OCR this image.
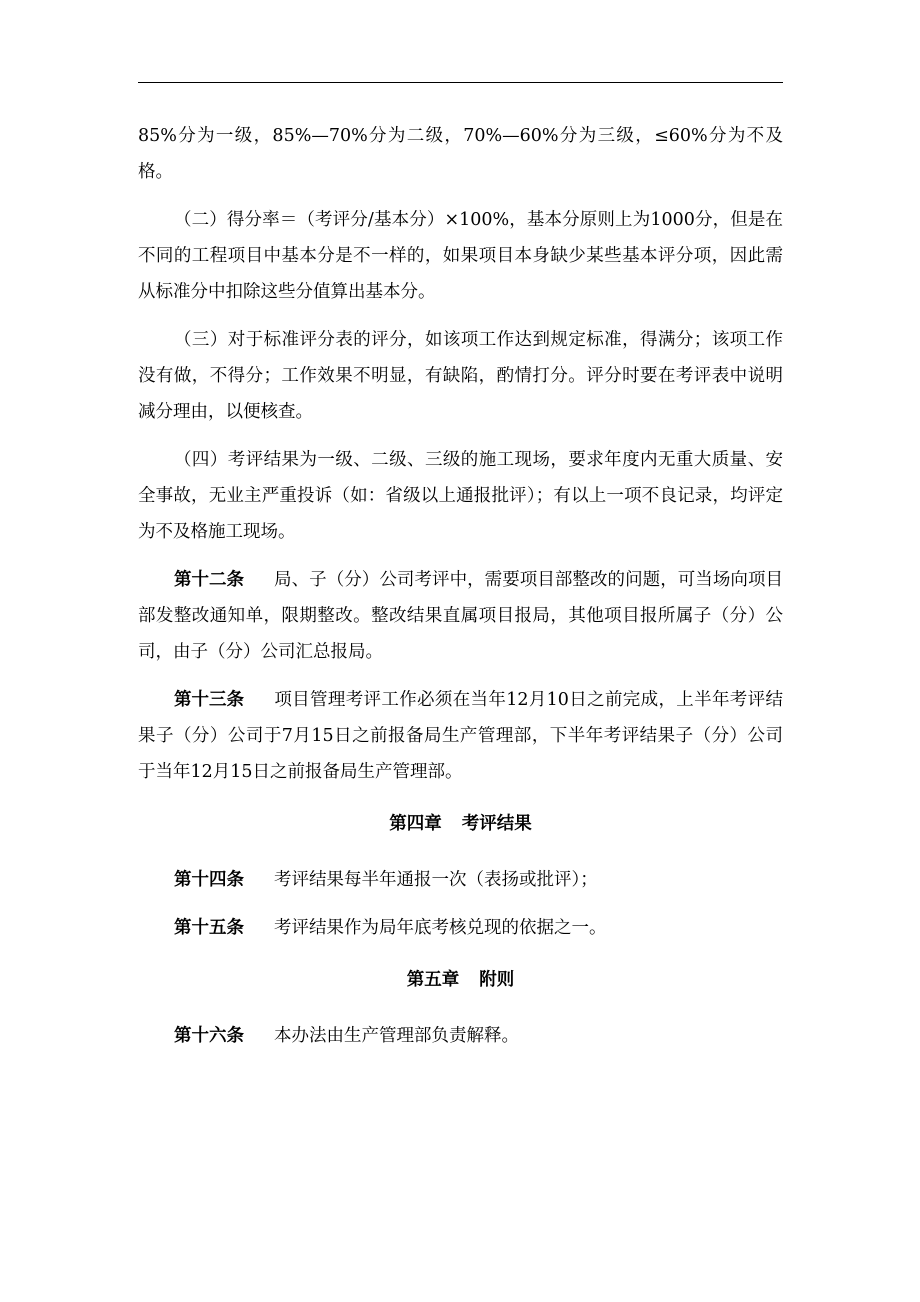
85%分为一级，85%—70%分为二级，70%—60%分为三级，≤60%分为不及格。

（二）得分率＝（考评分/基本分）×100%，基本分原则上为1000分，但是在不同的工程项目中基本分是不一样的，如果项目本身缺少某些基本评分项，因此需从标准分中扣除这些分值算出基本分。

（三）对于标准评分表的评分，如该项工作达到规定标准，得满分；该项工作没有做，不得分；工作效果不明显，有缺陷，酌情打分。评分时要在考评表中说明减分理由，以便核查。

（四）考评结果为一级、二级、三级的施工现场，要求年度内无重大质量、安全事故，无业主严重投诉（如：省级以上通报批评）；有以上一项不良记录，均评定为不及格施工现场。

第十二条 局、子（分）公司考评中，需要项目部整改的问题，可当场向项目部发整改通知单，限期整改。整改结果直属项目报局，其他项目报所属子（分）公司，由子（分）公司汇总报局。

第十三条 项目管理考评工作必须在当年12月10日之前完成，上半年考评结果子（分）公司于7月15日之前报备局生产管理部，下半年考评结果子（分）公司于当年12月15日之前报备局生产管理部。

第四章 考评结果

第十四条 考评结果每半年通报一次（表扬或批评）；

第十五条 考评结果作为局年底考核兑现的依据之一。

第五章 附则

第十六条 本办法由生产管理部负责解释。
